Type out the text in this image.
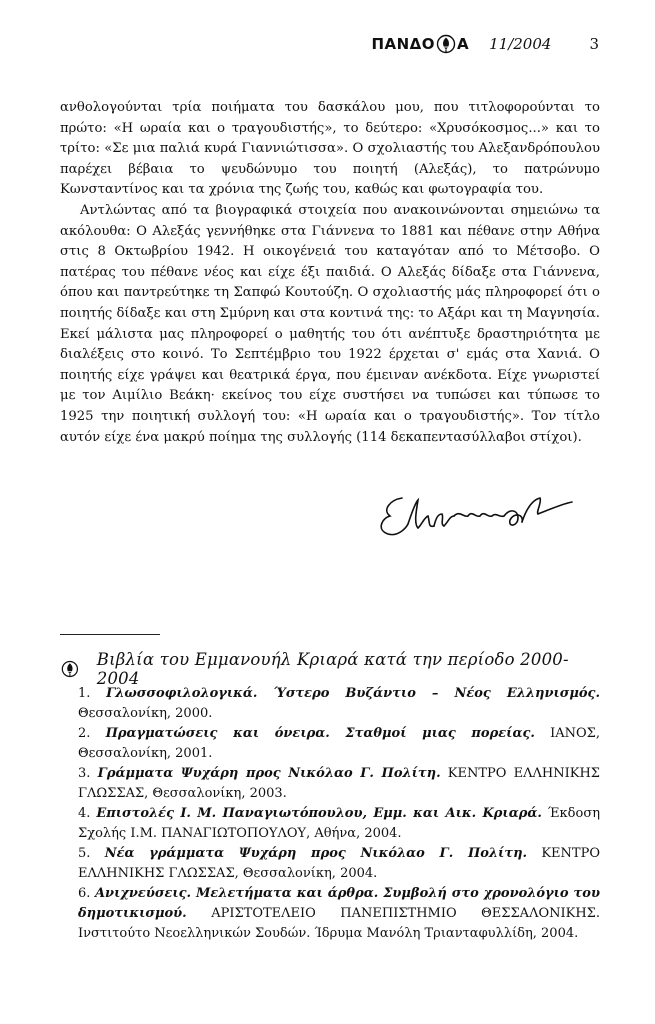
ΠΑΝΔΟ Α 11/2004	3

ανθολογούνται τρία ποιήματα του δασκάλου μου, που τιτλοφορούνται το πρώτο: «Η ωραία και ο τραγουδιστής», το δεύτερο: «Χρυσόκοσμος...» και το τρίτο: «Σε μια παλιά κυρά Γιαννιώτισσα». Ο σχολιαστής του Αλεξανδρόπουλου παρέχει βέβαια το ψευδώνυμο του ποιητή (Αλεξάς), το πατρώνυμο Κωνσταντίνος και τα χρόνια της ζωής του, καθώς και φωτογραφία του.

Αντλώντας από τα βιογραφικά στοιχεία που ανακοινώνονται σημειώνω τα ακόλουθα: Ο Αλεξάς γεννήθηκε στα Γιάννενα το 1881 και πέθανε στην Αθήνα στις 8 Οκτωβρίου 1942. Η οικογένειά του καταγόταν από το Μέτσοβο. Ο πατέρας του πέθανε νέος και είχε έξι παιδιά. Ο Αλεξάς δίδαξε στα Γιάννενα, όπου και παντρεύτηκε τη Σαπφώ Κουτούζη. Ο σχολιαστής μάς πληροφορεί ότι ο ποιητής δίδαξε και στη Σμύρνη και στα κοντινά της: το Αξάρι και τη Μαγνησία. Εκεί μάλιστα μας πληροφορεί ο μαθητής του ότι ανέπτυξε δραστηριότητα με διαλέξεις στο κοινό. Το Σεπτέμβριο του 1922 έρχεται σ' εμάς στα Χανιά. Ο ποιητής είχε γράψει και θεατρικά έργα, που έμειναν ανέκδοτα. Είχε γνωριστεί με τον Αιμίλιο Βεάκη· εκείνος του είχε συστήσει να τυπώσει και τύπωσε το 1925 την ποιητική συλλογή του: «Η ωραία και ο τραγουδιστής». Τον τίτλο αυτόν είχε ένα μακρύ ποίημα της συλλογής (114 δεκαπεντασύλλαβοι στίχοι).

Βιβλία του Εμμανουήλ Κριαρά κατά την περίοδο 2000-2004
1. Γλωσσοφιλολογικά. Ύστερο Βυζάντιο – Νέος Ελληνισμός. Θεσσαλονίκη, 2000.
2. Πραγματώσεις και όνειρα. Σταθμοί μιας πορείας. ΙΑΝΟΣ, Θεσσαλονίκη, 2001.
3. Γράμματα Ψυχάρη προς Νικόλαο Γ. Πολίτη. ΚΕΝΤΡΟ ΕΛΛΗΝΙΚΗΣ ΓΛΩΣΣΑΣ, Θεσσαλονίκη, 2003.
4. Επιστολές Ι. Μ. Παναγιωτόπουλου, Εμμ. και Αικ. Κριαρά. Έκδοση Σχολής Ι.Μ. ΠΑΝΑΓΙΩΤΟΠΟΥΛΟΥ, Αθήνα, 2004.
5. Νέα γράμματα Ψυχάρη προς Νικόλαο Γ. Πολίτη. ΚΕΝΤΡΟ ΕΛΛΗΝΙΚΗΣ ΓΛΩΣΣΑΣ, Θεσσαλονίκη, 2004.
6. Ανιχνεύσεις. Μελετήματα και άρθρα. Συμβολή στο χρονολόγιο του δημοτικισμού. ΑΡΙΣΤΟΤΕΛΕΙΟ ΠΑΝΕΠΙΣΤΗΜΙΟ ΘΕΣΣΑΛΟΝΙΚΗΣ. Ινστιτούτο Νεοελληνικών Σουδών. Ίδρυμα Μανόλη Τριανταφυλλίδη, 2004.
